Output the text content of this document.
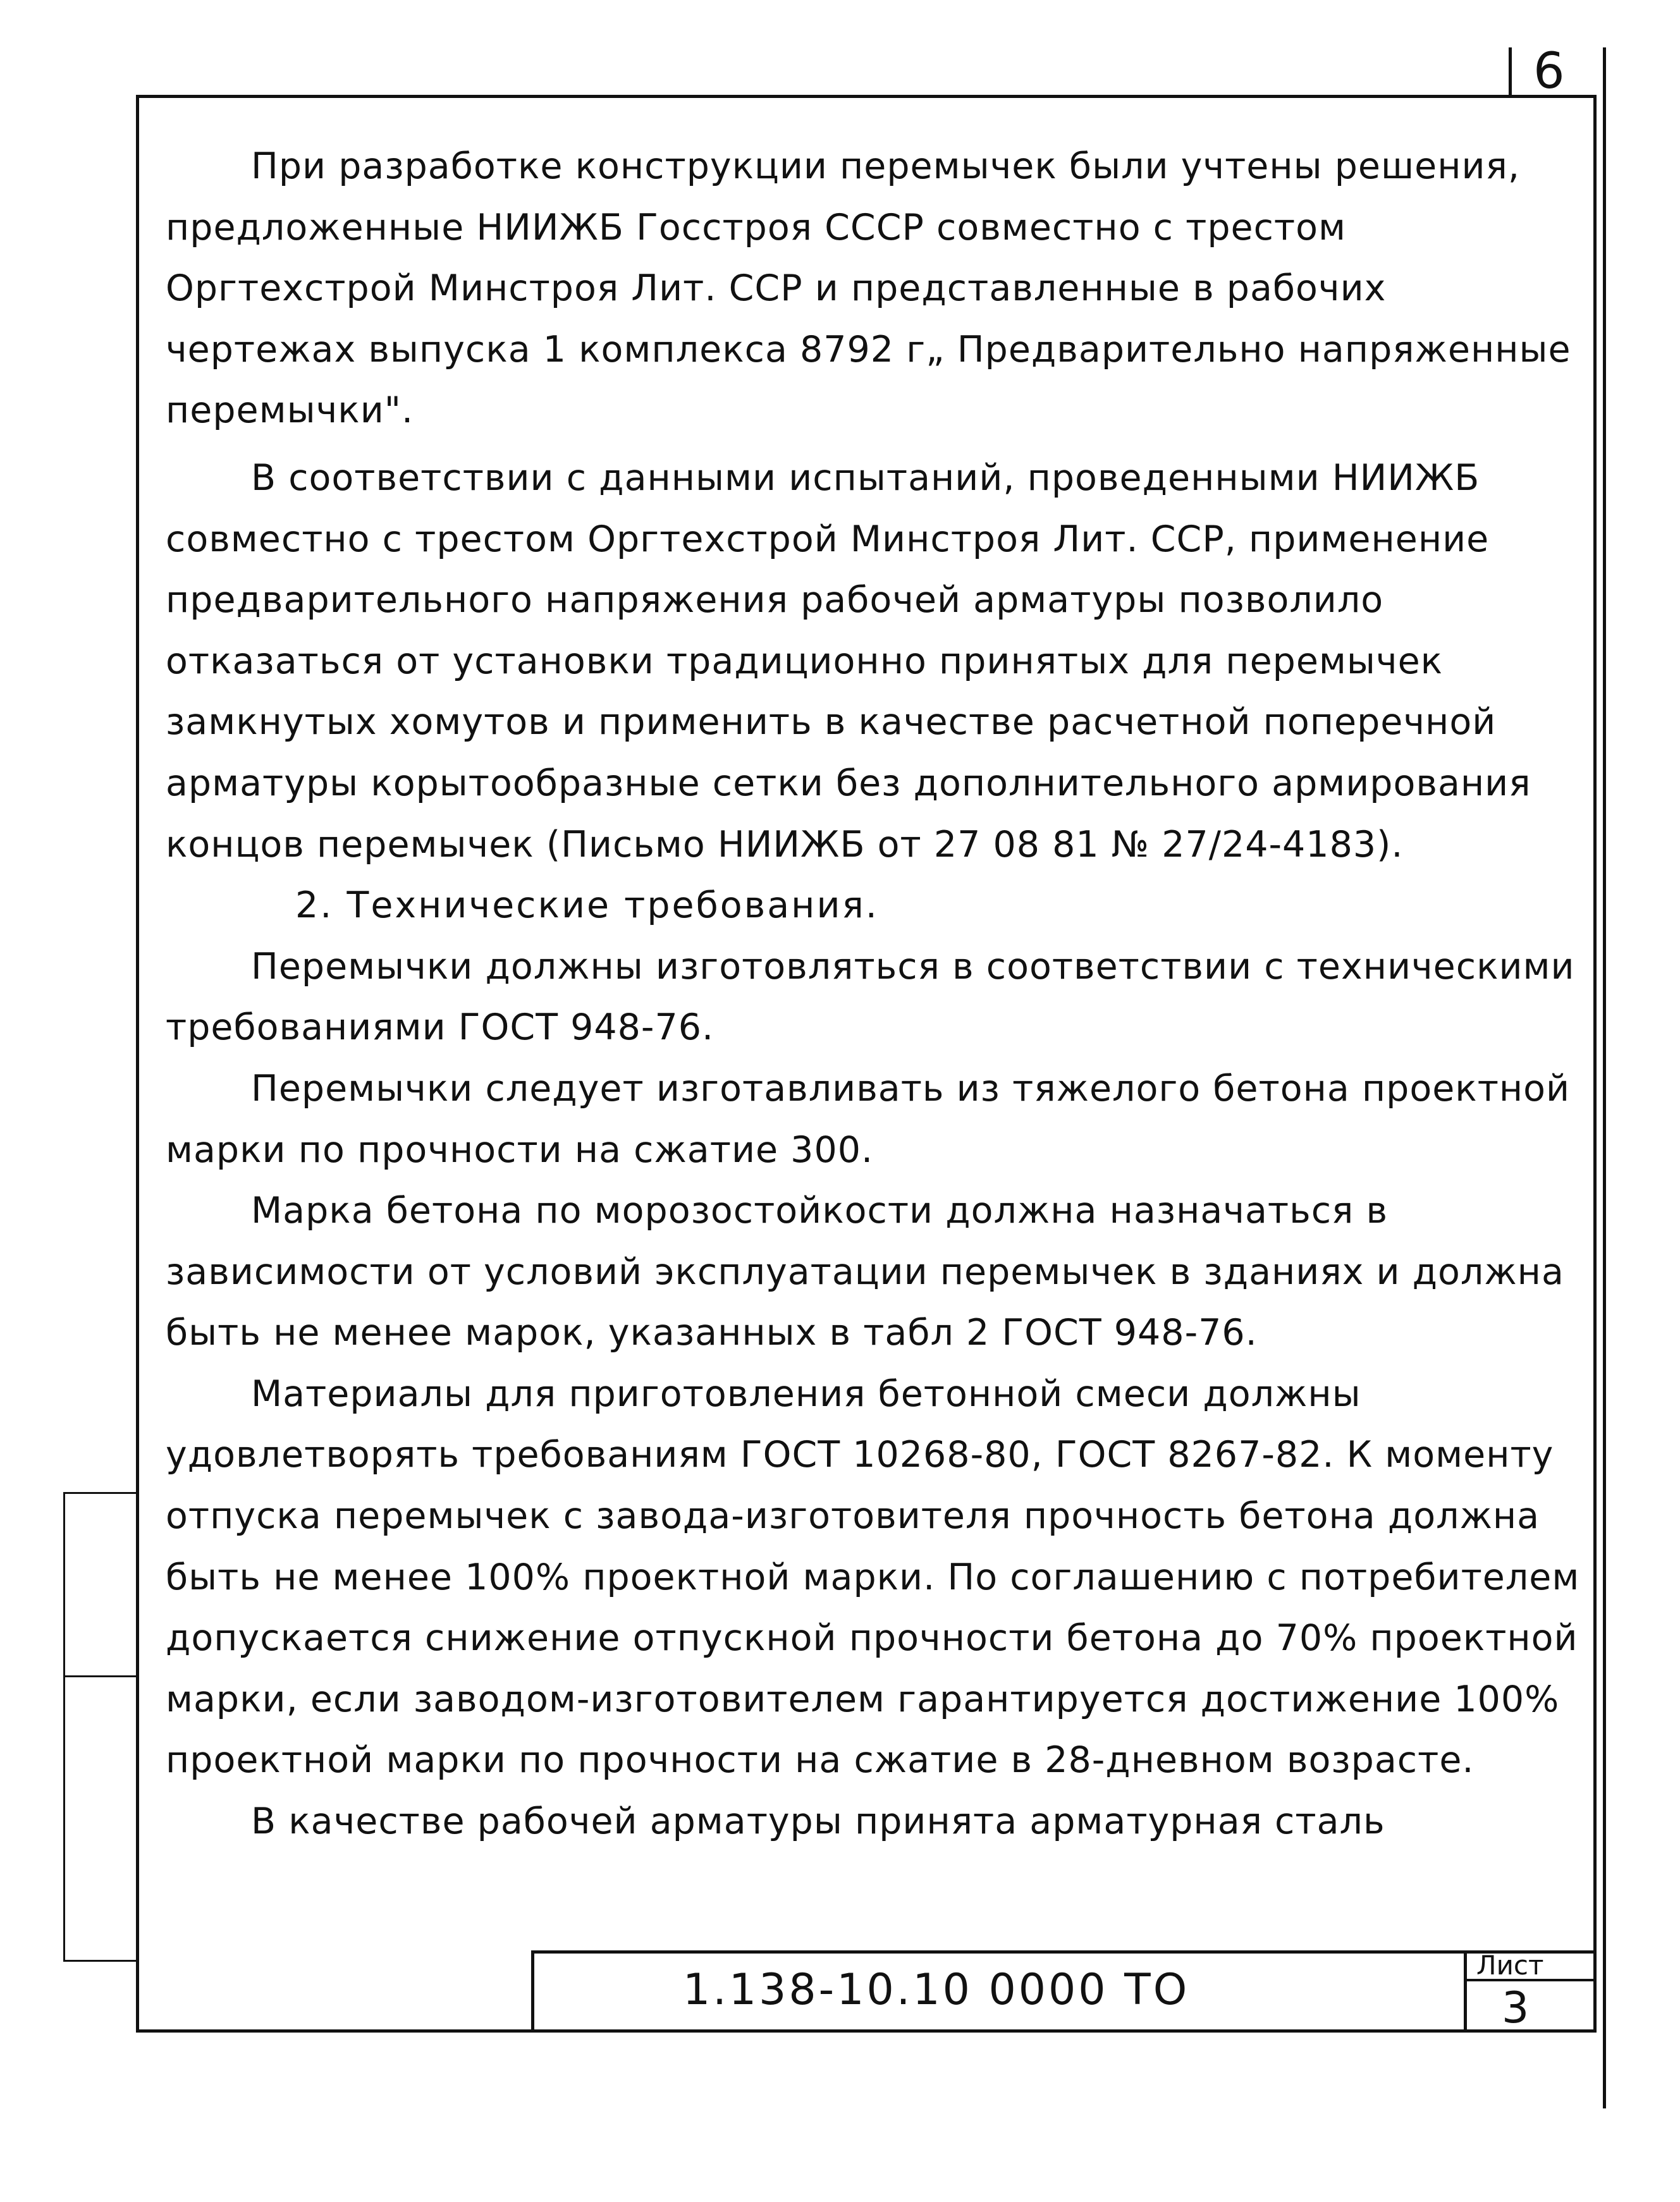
6

При разработке конструкции перемычек были учтены решения, предложенные НИИЖБ Госстроя СССР совместно с трестом Оргтехстрой Минстроя Лит. ССР и представленные в рабочих чертежах выпуска 1 комплекса 8792 г„ Предварительно напряженные перемычки".

В соответствии с данными испытаний, проведенными НИИЖБ совместно с трестом Оргтехстрой Минстроя Лит. ССР, применение предварительного напряжения рабочей арматуры позволило отказаться от установки традиционно принятых для перемычек замкнутых хомутов и применить в качестве расчетной поперечной арматуры корытообразные сетки без дополнительного армирования концов перемычек (Письмо НИИЖБ от 27 08 81 № 27/24-4183).

2. Технические требования.

Перемычки должны изготовляться в соответствии с техническими требованиями ГОСТ 948-76.

Перемычки следует изготавливать из тяжелого бетона проектной марки по прочности на сжатие 300.

Марка бетона по морозостойкости должна назначаться в зависимости от условий эксплуатации перемычек в зданиях и должна быть не менее марок, указанных в табл 2 ГОСТ 948-76.

Материалы для приготовления бетонной смеси должны удовлетворять требованиям ГОСТ 10268-80, ГОСТ 8267-82. К моменту отпуска перемычек с завода-изготовителя прочность бетона должна быть не менее 100% проектной марки. По соглашению с потребителем допускается снижение отпускной прочности бетона до 70% проектной марки, если заводом-изготовителем гарантируется достижение 100% проектной марки по прочности на сжатие в 28-дневном возрасте.

В качестве рабочей арматуры принята арматурная сталь

1.138-10.10 0000 ТО	Лист
3
